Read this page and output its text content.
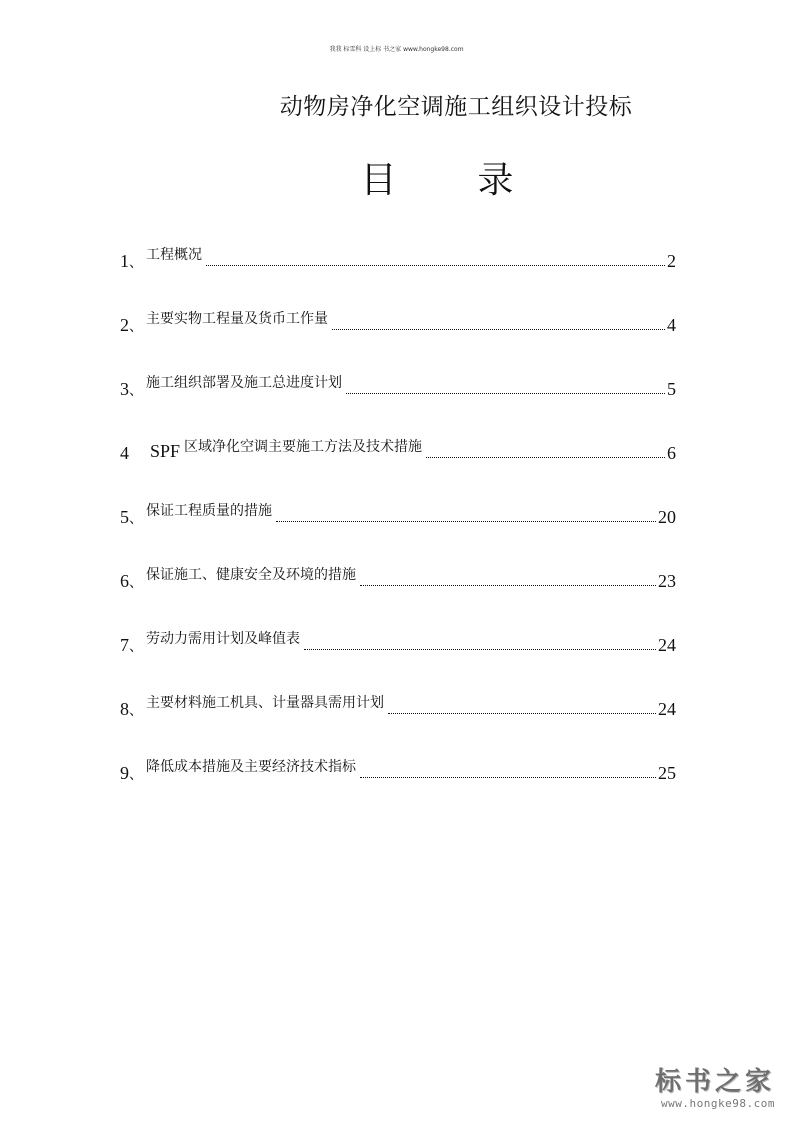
我我 标雪科 设上标 书之家 www.hongke98.com
动物房净化空调施工组织设计投标
目 录
1 、 工程概况	2
2 、 主要实物工程量及货币工作量	4
3 、 施工组织部署及施工总进度计划	5
4	SPF 区域净化空调主要施工方法及技术措施	6
5 、 保证工程质量的措施	20
6 、 保证施工、健康安全及环境的措施	23
7 、 劳动力需用计划及峰值表	24
8 、 主要材料施工机具、计量器具需用计划	24
9 、 降低成本措施及主要经济技术指标	25
标书之家
www.hongke98.com
